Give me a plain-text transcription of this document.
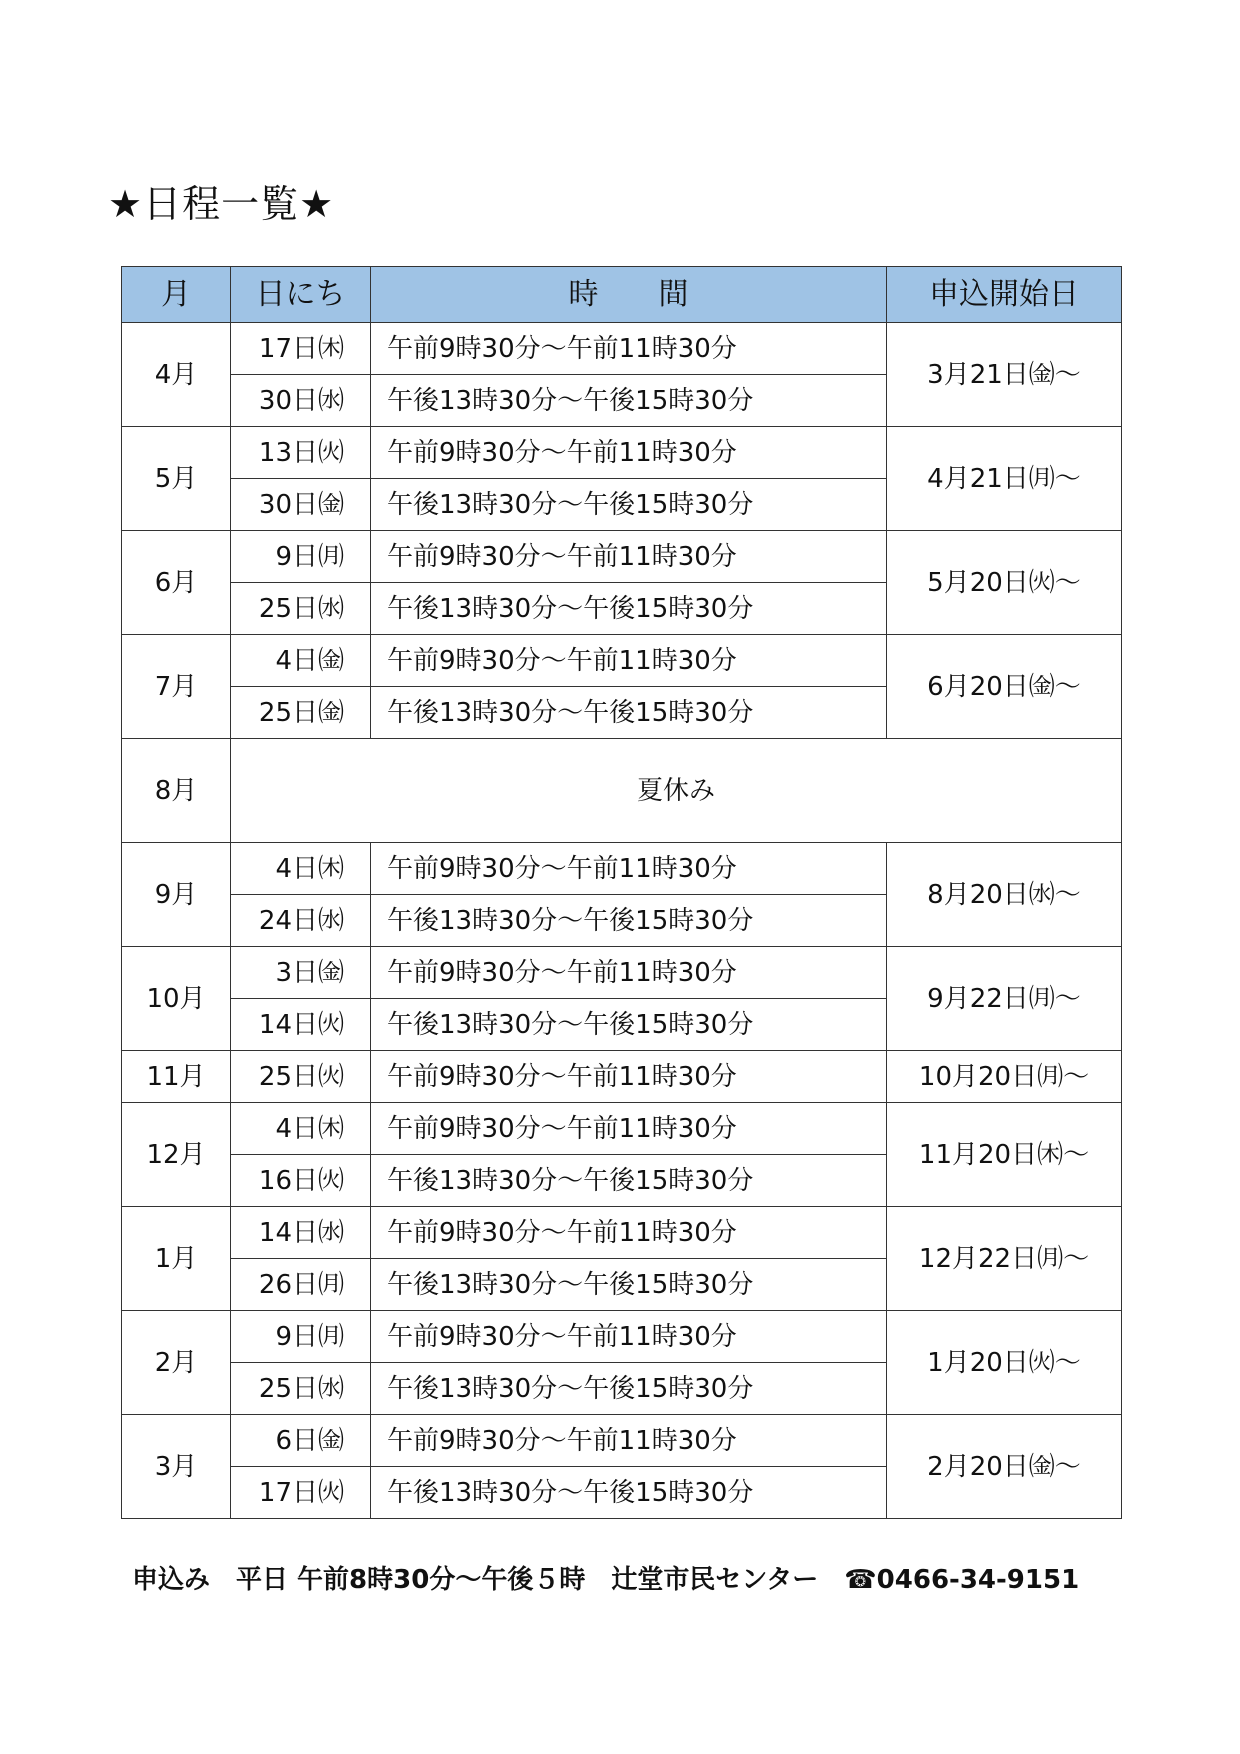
★日程一覧★
月	日にち	時　　間	申込開始日
4月	17日㈭	午前9時30分～午前11時30分	3月21日㈮～
	30日㈬	午後13時30分～午後15時30分	
5月	13日㈫	午前9時30分～午前11時30分	4月21日㈪～
	30日㈮	午後13時30分～午後15時30分	
6月	9日㈪	午前9時30分～午前11時30分	5月20日㈫～
	25日㈬	午後13時30分～午後15時30分	
7月	4日㈮	午前9時30分～午前11時30分	6月20日㈮～
	25日㈮	午後13時30分～午後15時30分	
8月	夏休み		
9月	4日㈭	午前9時30分～午前11時30分	8月20日㈬～
	24日㈬	午後13時30分～午後15時30分	
10月	3日㈮	午前9時30分～午前11時30分	9月22日㈪～
	14日㈫	午後13時30分～午後15時30分	
11月	25日㈫	午前9時30分～午前11時30分	10月20日㈪～
12月	4日㈭	午前9時30分～午前11時30分	11月20日㈭～
	16日㈫	午後13時30分～午後15時30分	
1月	14日㈬	午前9時30分～午前11時30分	12月22日㈪～
	26日㈪	午後13時30分～午後15時30分	
2月	9日㈪	午前9時30分～午前11時30分	1月20日㈫～
	25日㈬	午後13時30分～午後15時30分	
3月	6日㈮	午前9時30分～午前11時30分	2月20日㈮～
	17日㈫	午後13時30分～午後15時30分	
申込み　平日 午前8時30分～午後５時　辻堂市民センター　☎0466-34-9151
